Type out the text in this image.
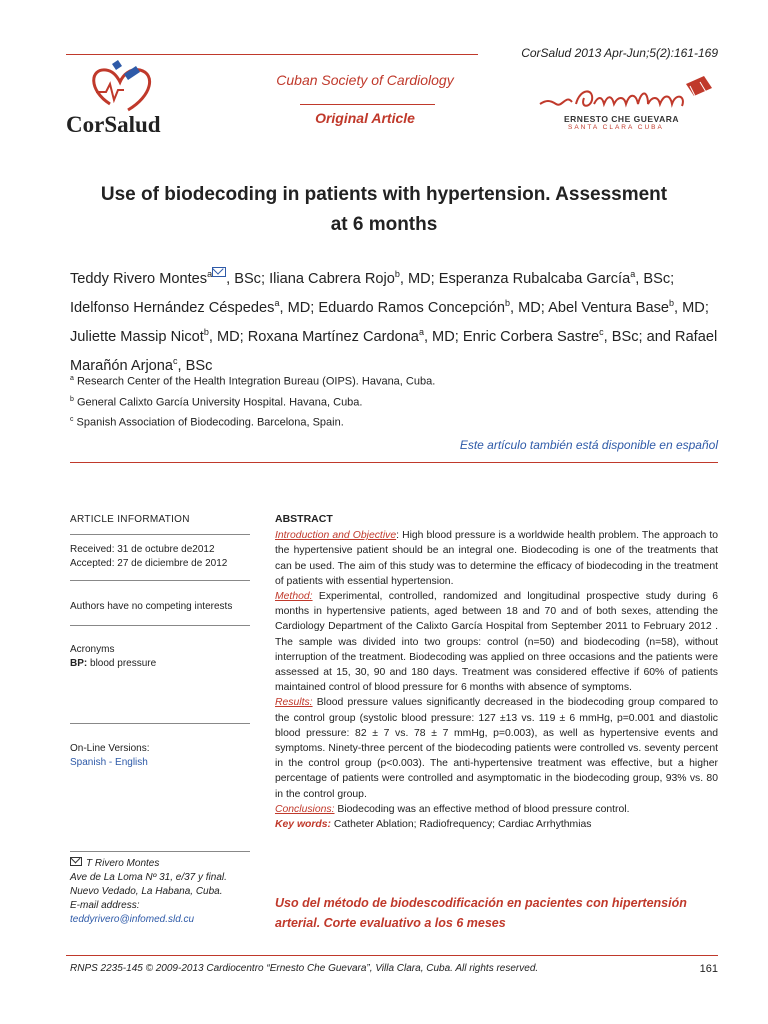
CorSalud 2013 Apr-Jun;5(2):161-169
CorSalud
Cuban Society of Cardiology
Original Article	ERNESTO CHE GUEVARA
SANTA CLARA CUBA
Use of biodecoding in patients with hypertension. Assessment
at 6 months
Teddy Rivero Montes$^a$ , BSc; Iliana Cabrera Rojo$^b$, MD; Esperanza Rubalcaba García$^a$, BSc;
Idelfonso Hernández Céspedes$^a$, MD; Eduardo Ramos Concepción$^b$, MD; Abel Ventura Base$^b$, MD; Juliette Massip Nicot$^b$, MD; Roxana Martínez Cardona$^a$, MD; Enric Corbera Sastre$^c$, BSc; and Rafael Marañón Arjona$^c$, BSc
$^a$ Research Center of the Health Integration Bureau (OIPS). Havana, Cuba.
$^b$ General Calixto García University Hospital. Havana, Cuba.
$^c$ Spanish Association of Biodecoding. Barcelona, Spain.
Este artículo también está disponible en español
ARTICLE INFORMATION
Received: 31 de octubre de2012
Accepted: 27 de diciembre de 2012
Authors have no competing interests
Acronyms
BP: blood pressure
On-Line Versions:
Spanish - English
T Rivero Montes
Ave de La Loma Nº 31, e/37 y final.
Nuevo Vedado, La Habana, Cuba.
E-mail address:
teddyrivero@infomed.sld.cu
ABSTRACT

Introduction and Objective: High blood pressure is a worldwide health problem. The approach to the hypertensive patient should be an integral one. Biodecoding is one of the treatments that can be used. The aim of this study was to determine the efficacy of biodecoding in the treatment of patients with essential hypertension.

Method: Experimental, controlled, randomized and longitudinal prospective study during 6 months in hypertensive patients, aged between 18 and 70 and of both sexes, attending the Cardiology Department of the Calixto García Hospital from September 2011 to February 2012 . The sample was divided into two groups: control (n=50) and biodecoding (n=58), without interruption of the treatment. Biodecoding was applied on three occasions and the patients were assessed at 15, 30, 90 and 180 days. Treatment was considered effective if 60% of patients maintained control of blood pressure for 6 months with absence of symptoms.

Results: Blood pressure values significantly decreased in the biodecoding group compared to the control group (systolic blood pressure: 127 ±13 vs. 119 ± 6 mmHg, p=0.001 and diastolic blood pressure: 82 ± 7 vs. 78 ± 7 mmHg, p=0.003), as well as hypertensive events and symptoms. Ninety-three percent of the biodecoding patients were controlled vs. seventy percent in the control group (p<0.003). The anti-hypertensive treatment was effective, but a higher percentage of patients were controlled and asymptomatic in the biodecoding group, 93% vs. 80 in the control group.

Conclusions: Biodecoding was an effective method of blood pressure control.

Key words: Catheter Ablation; Radiofrequency; Cardiac Arrhythmias

Uso del método de biodescodificación en pacientes con hipertensión
arterial. Corte evaluativo a los 6 meses
RNPS 2235-145 © 2009-2013 Cardiocentro “Ernesto Che Guevara”, Villa Clara, Cuba. All rights reserved.	161
